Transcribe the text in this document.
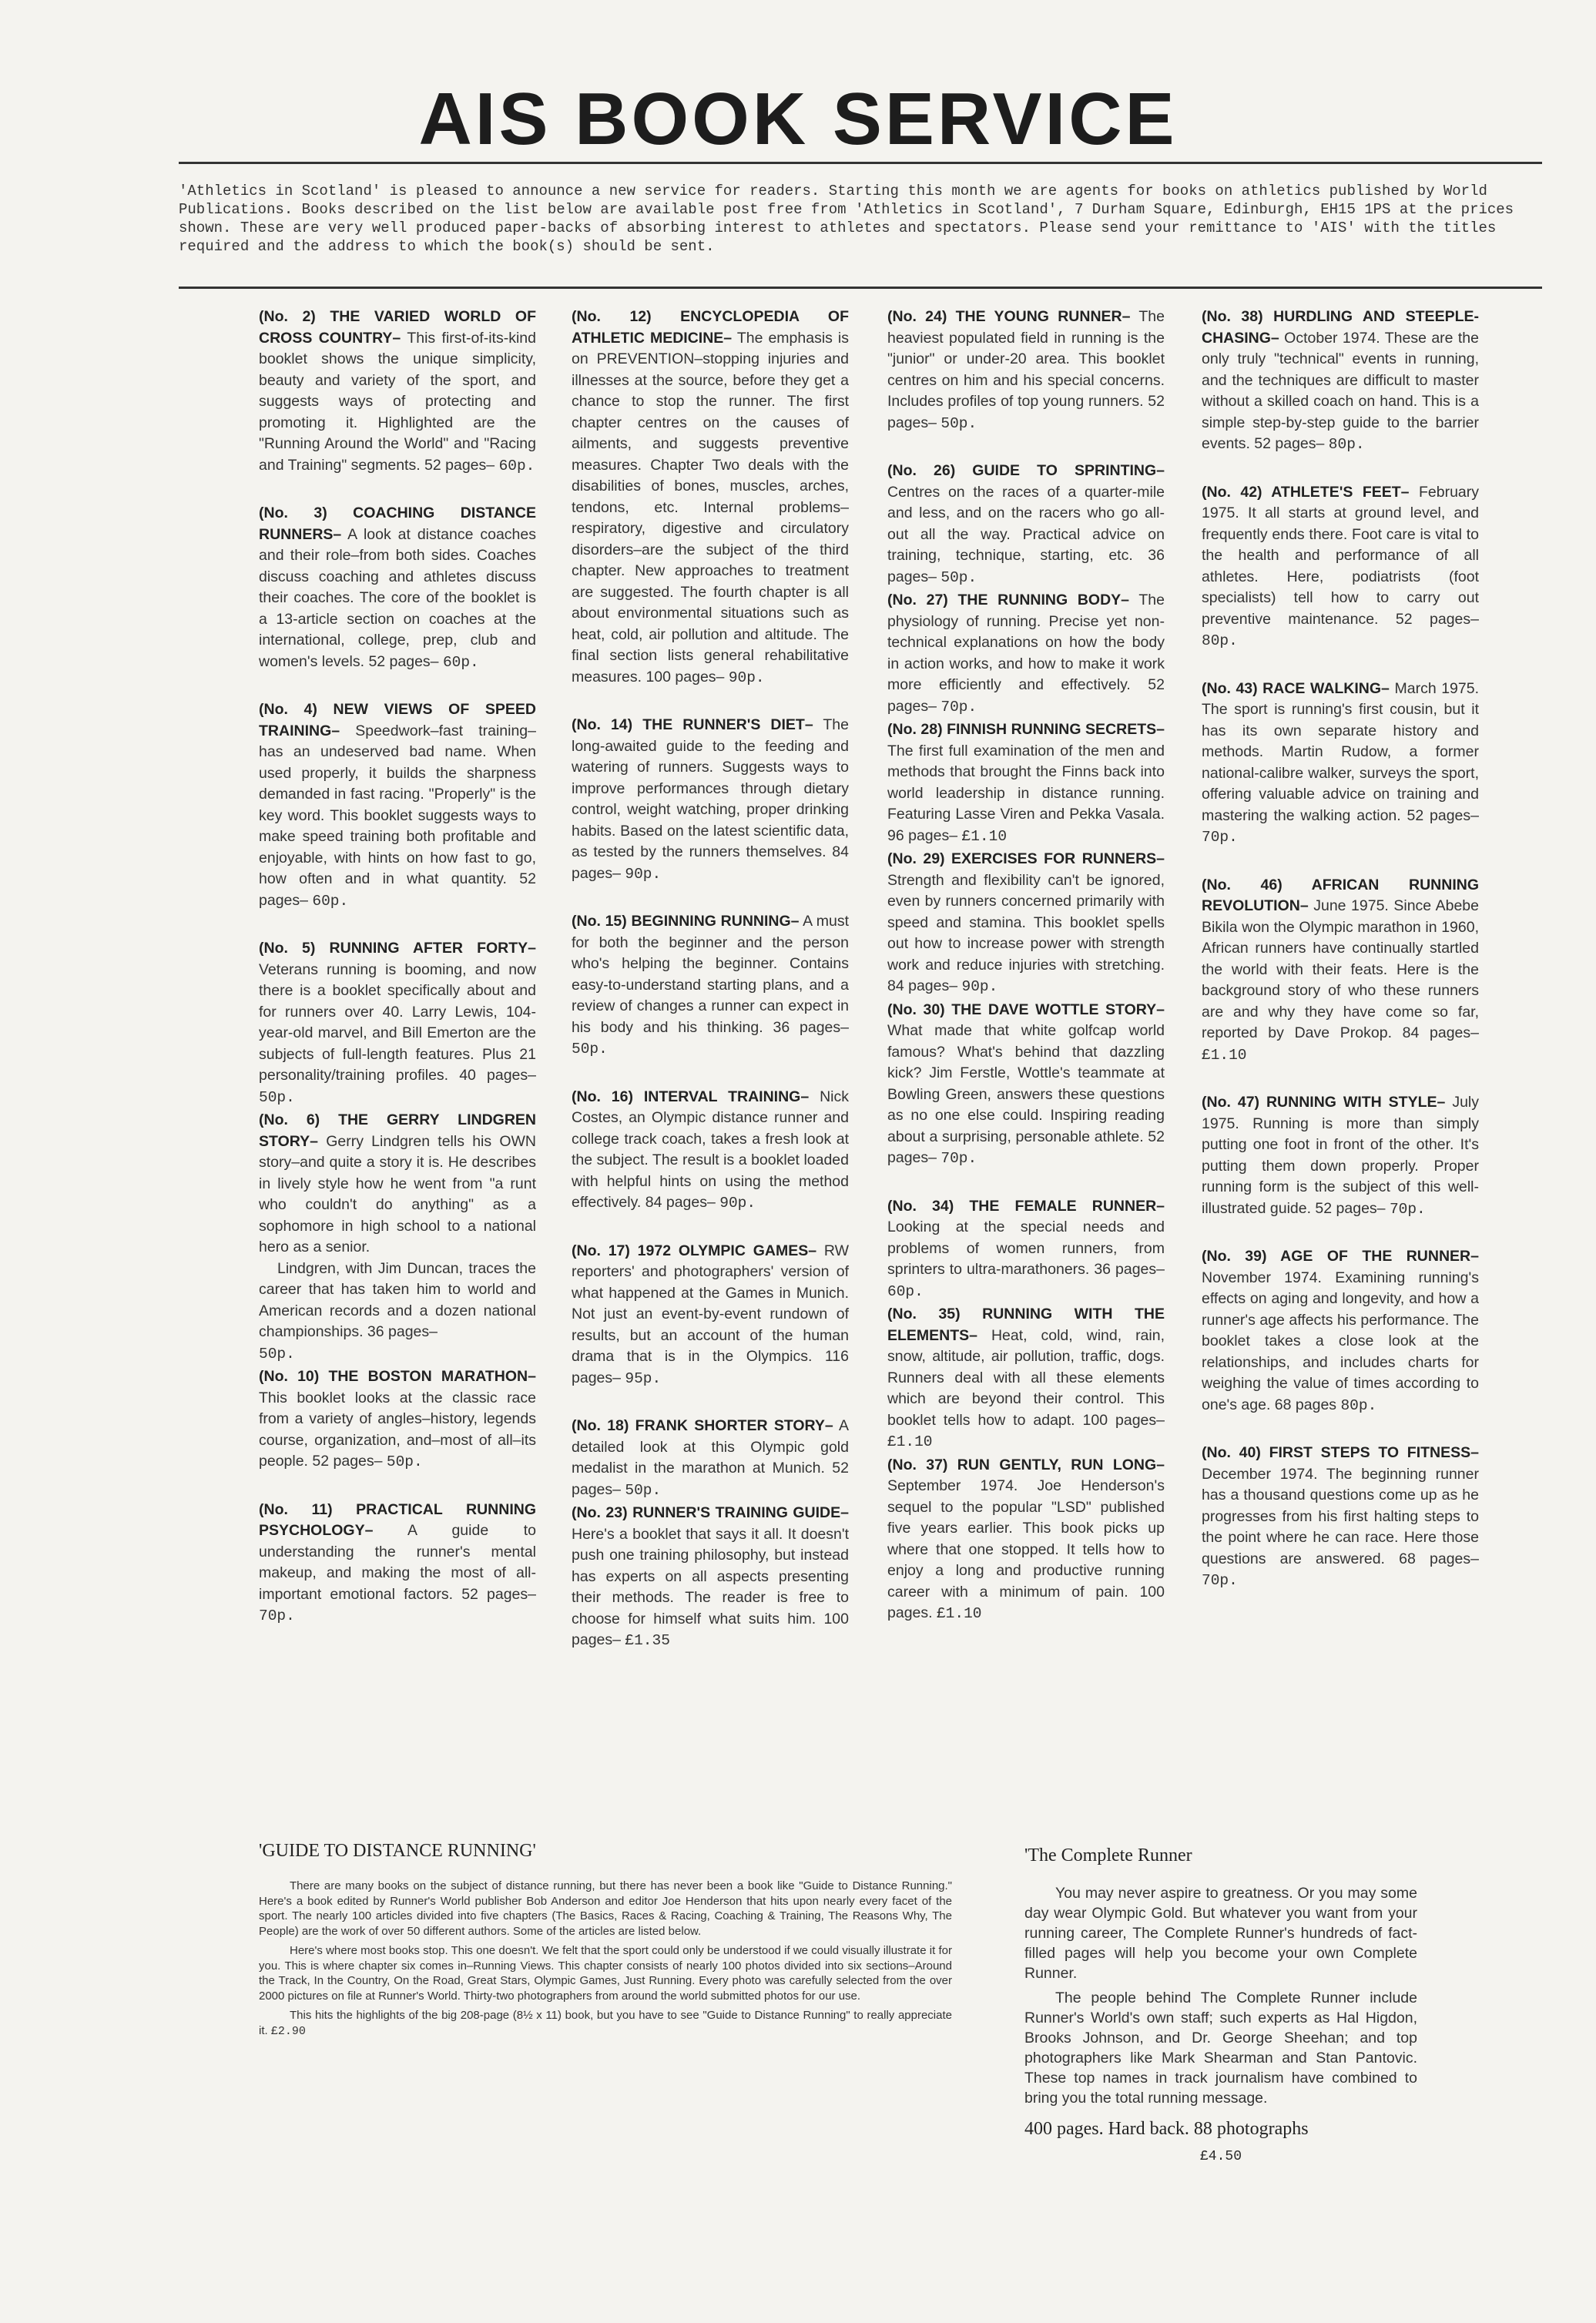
AIS BOOK SERVICE
'Athletics in Scotland' is pleased to announce a new service for readers. Starting this month we are agents for books on athletics published by World Publications. Books described on the list below are available post free from 'Athletics in Scotland', 7 Durham Square, Edinburgh, EH15 1PS at the prices shown. These are very well produced paper-backs of absorbing interest to athletes and spectators. Please send your remittance to 'AIS' with the titles required and the address to which the book(s) should be sent.

(No. 2) THE VARIED WORLD OF CROSS COUNTRY– This first-of-its-kind booklet shows the unique simplicity, beauty and variety of the sport, and suggests ways of protecting and promoting it. Highlighted are the "Running Around the World" and "Racing and Training" segments. 52 pages– 60p.

(No. 3) COACHING DISTANCE RUNNERS– A look at distance coaches and their role–from both sides. Coaches discuss coaching and athletes discuss their coaches. The core of the booklet is a 13-article section on coaches at the international, college, prep, club and women's levels. 52 pages– 60p.

(No. 4) NEW VIEWS OF SPEED TRAINING– Speedwork–fast training–has an undeserved bad name. When used properly, it builds the sharpness demanded in fast racing. "Properly" is the key word. This booklet suggests ways to make speed training both profitable and enjoyable, with hints on how fast to go, how often and in what quantity. 52 pages– 60p.

(No. 5) RUNNING AFTER FORTY– Veterans running is booming, and now there is a booklet specifically about and for runners over 40. Larry Lewis, 104-year-old marvel, and Bill Emerton are the subjects of full-length features. Plus 21 personality/training profiles. 40 pages– 50p.

(No. 6) THE GERRY LINDGREN STORY– Gerry Lindgren tells his OWN story–and quite a story it is. He describes in lively style how he went from "a runt who couldn't do anything" as a sophomore in high school to a national hero as a senior.
Lindgren, with Jim Duncan, traces the career that has taken him to world and American records and a dozen national championships. 36 pages–
50p.

(No. 10) THE BOSTON MARATHON– This booklet looks at the classic race from a variety of angles–history, legends course, organization, and–most of all–its people. 52 pages– 50p.

(No. 11) PRACTICAL RUNNING PSYCHOLOGY– A guide to understanding the runner's mental makeup, and making the most of all-important emotional factors. 52 pages– 70p.

(No. 12) ENCYCLOPEDIA OF ATHLETIC MEDICINE– The emphasis is on PREVENTION–stopping injuries and illnesses at the source, before they get a chance to stop the runner. The first chapter centres on the causes of ailments, and suggests preventive measures. Chapter Two deals with the disabilities of bones, muscles, arches, tendons, etc. Internal problems–respiratory, digestive and circulatory disorders–are the subject of the third chapter. New approaches to treatment are suggested. The fourth chapter is all about environmental situations such as heat, cold, air pollution and altitude. The final section lists general rehabilitative measures. 100 pages– 90p.

(No. 14) THE RUNNER'S DIET– The long-awaited guide to the feeding and watering of runners. Suggests ways to improve performances through dietary control, weight watching, proper drinking habits. Based on the latest scientific data, as tested by the runners themselves. 84 pages– 90p.

(No. 15) BEGINNING RUNNING– A must for both the beginner and the person who's helping the beginner. Contains easy-to-understand starting plans, and a review of changes a runner can expect in his body and his thinking. 36 pages– 50p.

(No. 16) INTERVAL TRAINING– Nick Costes, an Olympic distance runner and college track coach, takes a fresh look at the subject. The result is a booklet loaded with helpful hints on using the method effectively. 84 pages– 90p.

(No. 17) 1972 OLYMPIC GAMES– RW reporters' and photographers' version of what happened at the Games in Munich. Not just an event-by-event rundown of results, but an account of the human drama that is in the Olympics. 116 pages– 95p.

(No. 18) FRANK SHORTER STORY– A detailed look at this Olympic gold medalist in the marathon at Munich. 52 pages– 50p.

(No. 23) RUNNER'S TRAINING GUIDE– Here's a booklet that says it all. It doesn't push one training philosophy, but instead has experts on all aspects presenting their methods. The reader is free to choose for himself what suits him. 100 pages– £1.35

(No. 24) THE YOUNG RUNNER– The heaviest populated field in running is the "junior" or under-20 area. This booklet centres on him and his special concerns. Includes profiles of top young runners. 52 pages– 50p.

(No. 26) GUIDE TO SPRINTING– Centres on the races of a quarter-mile and less, and on the racers who go all-out all the way. Practical advice on training, technique, starting, etc. 36 pages– 50p.

(No. 27) THE RUNNING BODY– The physiology of running. Precise yet non-technical explanations on how the body in action works, and how to make it work more efficiently and effectively. 52 pages– 70p.

(No. 28) FINNISH RUNNING SECRETS– The first full examination of the men and methods that brought the Finns back into world leadership in distance running. Featuring Lasse Viren and Pekka Vasala. 96 pages– £1.10

(No. 29) EXERCISES FOR RUNNERS– Strength and flexibility can't be ignored, even by runners concerned primarily with speed and stamina. This booklet spells out how to increase power with strength work and reduce injuries with stretching. 84 pages– 90p.

(No. 30) THE DAVE WOTTLE STORY– What made that white golfcap world famous? What's behind that dazzling kick? Jim Ferstle, Wottle's teammate at Bowling Green, answers these questions as no one else could. Inspiring reading about a surprising, personable athlete. 52 pages– 70p.

(No. 34) THE FEMALE RUNNER– Looking at the special needs and problems of women runners, from sprinters to ultra-marathoners. 36 pages– 60p.

(No. 35) RUNNING WITH THE ELEMENTS– Heat, cold, wind, rain, snow, altitude, air pollution, traffic, dogs. Runners deal with all these elements which are beyond their control. This booklet tells how to adapt. 100 pages– £1.10

(No. 37) RUN GENTLY, RUN LONG– September 1974. Joe Henderson's sequel to the popular "LSD" published five years earlier. This book picks up where that one stopped. It tells how to enjoy a long and productive running career with a minimum of pain. 100 pages. £1.10

(No. 38) HURDLING AND STEEPLE-CHASING– October 1974. These are the only truly "technical" events in running, and the techniques are difficult to master without a skilled coach on hand. This is a simple step-by-step guide to the barrier events. 52 pages– 80p.

(No. 42) ATHLETE'S FEET– February 1975. It all starts at ground level, and frequently ends there. Foot care is vital to the health and performance of all athletes. Here, podiatrists (foot specialists) tell how to carry out preventive maintenance. 52 pages– 80p.

(No. 43) RACE WALKING– March 1975. The sport is running's first cousin, but it has its own separate history and methods. Martin Rudow, a former national-calibre walker, surveys the sport, offering valuable advice on training and mastering the walking action. 52 pages– 70p.

(No. 46) AFRICAN RUNNING REVOLUTION– June 1975. Since Abebe Bikila won the Olympic marathon in 1960, African runners have continually startled the world with their feats. Here is the background story of who these runners are and why they have come so far, reported by Dave Prokop. 84 pages– £1.10

(No. 47) RUNNING WITH STYLE– July 1975. Running is more than simply putting one foot in front of the other. It's putting them down properly. Proper running form is the subject of this well-illustrated guide. 52 pages– 70p.

(No. 39) AGE OF THE RUNNER– November 1974. Examining running's effects on aging and longevity, and how a runner's age affects his performance. The booklet takes a close look at the relationships, and includes charts for weighing the value of times according to one's age. 68 pages 80p.

(No. 40) FIRST STEPS TO FITNESS– December 1974. The beginning runner has a thousand questions come up as he progresses from his first halting steps to the point where he can race. Here those questions are answered. 68 pages– 70p.

'GUIDE TO DISTANCE RUNNING'

There are many books on the subject of distance running, but there has never been a book like "Guide to Distance Running." Here's a book edited by Runner's World publisher Bob Anderson and editor Joe Henderson that hits upon nearly every facet of the sport. The nearly 100 articles divided into five chapters (The Basics, Races & Racing, Coaching & Training, The Reasons Why, The People) are the work of over 50 different authors. Some of the articles are listed below.

Here's where most books stop. This one doesn't. We felt that the sport could only be understood if we could visually illustrate it for you. This is where chapter six comes in–Running Views. This chapter consists of nearly 100 photos divided into six sections–Around the Track, In the Country, On the Road, Great Stars, Olympic Games, Just Running. Every photo was carefully selected from the over 2000 pictures on file at Runner's World. Thirty-two photographers from around the world submitted photos for our use.

This hits the highlights of the big 208-page (8½ x 11) book, but you have to see "Guide to Distance Running" to really appreciate it. £2.90

'The Complete Runner

You may never aspire to greatness. Or you may some day wear Olympic Gold. But whatever you want from your running career, The Complete Runner's hundreds of fact-filled pages will help you become your own Complete Runner.

The people behind The Complete Runner include Runner's World's own staff; such experts as Hal Higdon, Brooks Johnson, and Dr. George Sheehan; and top photographers like Mark Shearman and Stan Pantovic. These top names in track journalism have combined to bring you the total running message.

400 pages. Hard back. 88 photographs
£4.50
